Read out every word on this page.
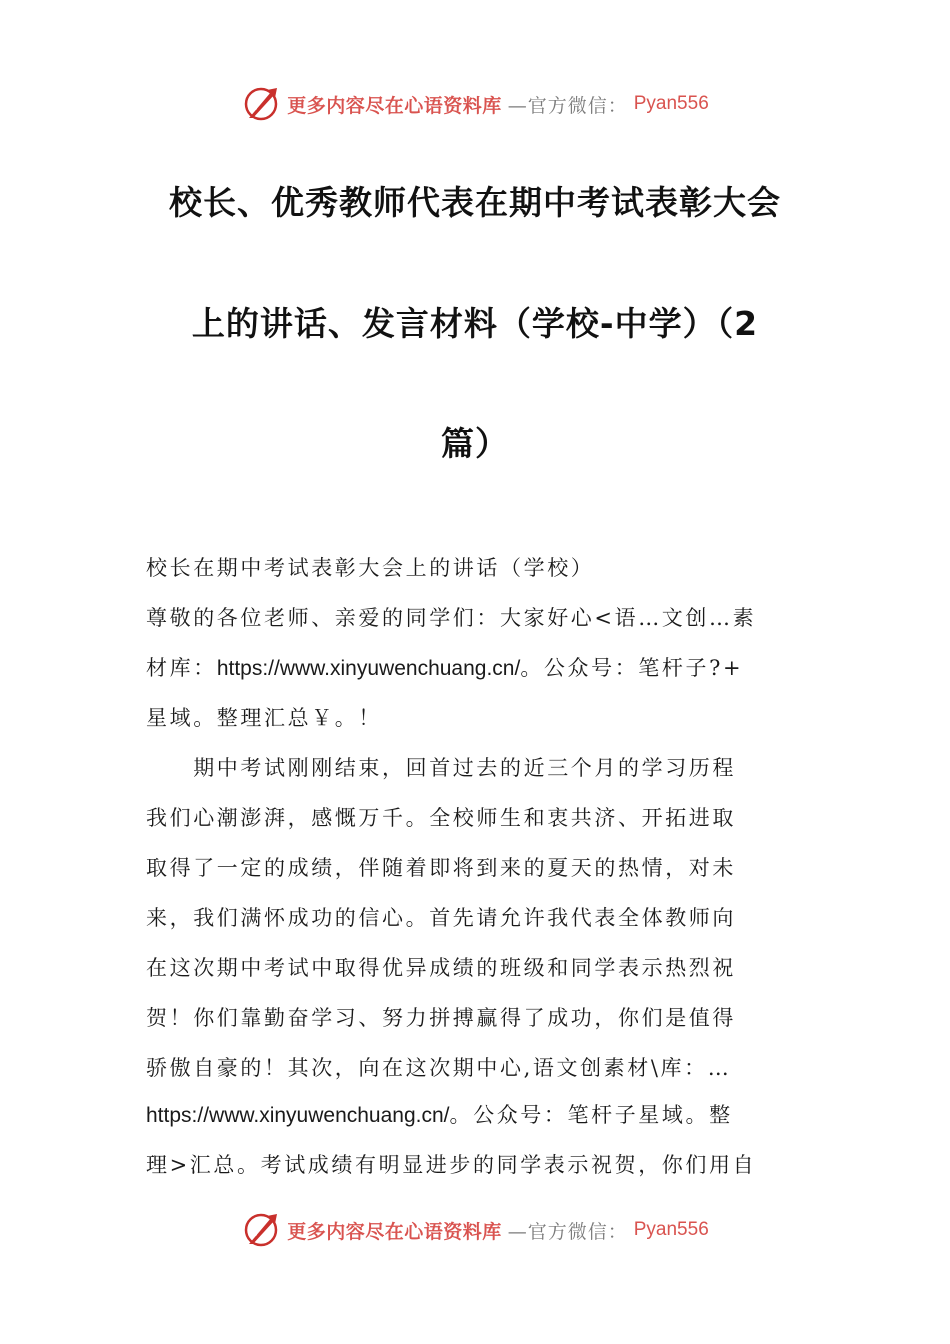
更多内容尽在心语资料库 —官方微信： Pyan556
校长、优秀教师代表在期中考试表彰大会
上的讲话、发言材料（学校-中学）（2
篇）
校长在期中考试表彰大会上的讲话（学校）
尊敬的各位老师、亲爱的同学们：大家好心<语…文创…素
材库：https://www.xinyuwenchuang.cn/。公众号：笔杆子?+
星域。整理汇总￥。！
　　期中考试刚刚结束，回首过去的近三个月的学习历程
我们心潮澎湃，感慨万千。全校师生和衷共济、开拓进取
取得了一定的成绩，伴随着即将到来的夏天的热情，对未
来，我们满怀成功的信心。首先请允许我代表全体教师向
在这次期中考试中取得优异成绩的班级和同学表示热烈祝
贺！你们靠勤奋学习、努力拼搏赢得了成功，你们是值得
骄傲自豪的！其次，向在这次期中心,语文创素材\库：…
https://www.xinyuwenchuang.cn/。公众号：笔杆子星域。整
理>汇总。考试成绩有明显进步的同学表示祝贺，你们用自
更多内容尽在心语资料库 —官方微信： Pyan556
